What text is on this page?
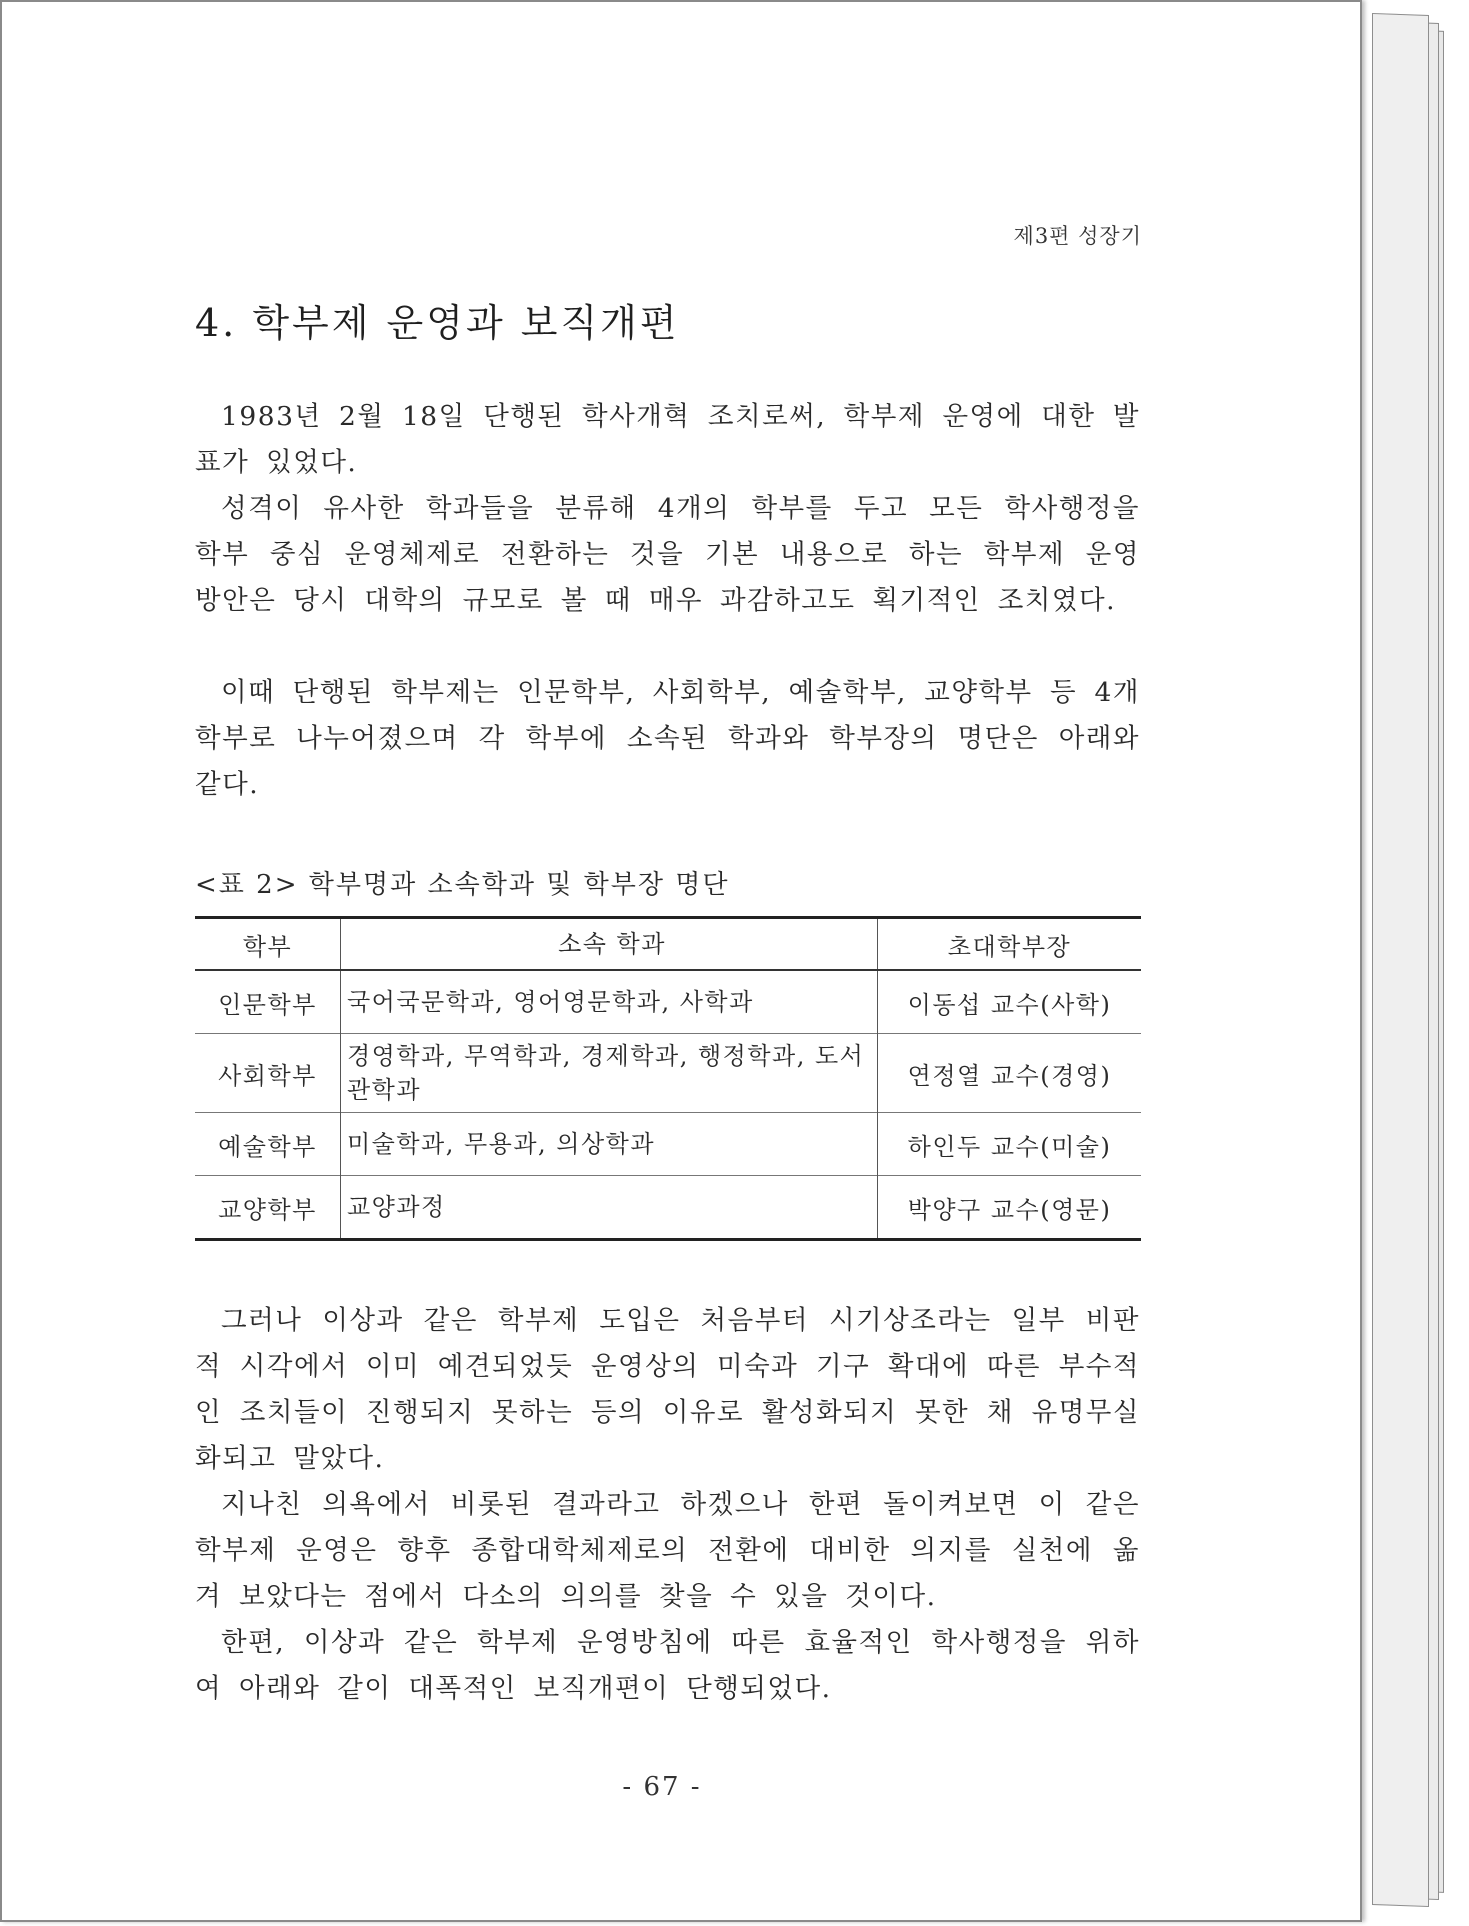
제3편 성장기
4. 학부제 운영과 보직개편

1983년 2월 18일 단행된 학사개혁 조치로써, 학부제 운영에 대한 발표가 있었다.

성격이 유사한 학과들을 분류해 4개의 학부를 두고 모든 학사행정을 학부 중심 운영체제로 전환하는 것을 기본 내용으로 하는 학부제 운영 방안은 당시 대학의 규모로 볼 때 매우 과감하고도 획기적인 조치였다.

이때 단행된 학부제는 인문학부, 사회학부, 예술학부, 교양학부 등 4개학부로 나누어졌으며 각 학부에 소속된 학과와 학부장의 명단은 아래와 같다.

<표 2> 학부명과 소속학과 및 학부장 명단
학부	소속 학과	초대학부장
인문학부	국어국문학과, 영어영문학과, 사학과	이동섭 교수(사학)
사회학부	경영학과, 무역학과, 경제학과, 행정학과, 도서관학과	연정열 교수(경영)
예술학부	미술학과, 무용과, 의상학과	하인두 교수(미술)
교양학부	교양과정	박양구 교수(영문)

그러나 이상과 같은 학부제 도입은 처음부터 시기상조라는 일부 비판적 시각에서 이미 예견되었듯 운영상의 미숙과 기구 확대에 따른 부수적인 조치들이 진행되지 못하는 등의 이유로 활성화되지 못한 채 유명무실화되고 말았다.

지나친 의욕에서 비롯된 결과라고 하겠으나 한편 돌이켜보면 이 같은 학부제 운영은 향후 종합대학체제로의 전환에 대비한 의지를 실천에 옮겨 보았다는 점에서 다소의 의의를 찾을 수 있을 것이다.

한편, 이상과 같은 학부제 운영방침에 따른 효율적인 학사행정을 위하여 아래와 같이 대폭적인 보직개편이 단행되었다.

- 67 -
